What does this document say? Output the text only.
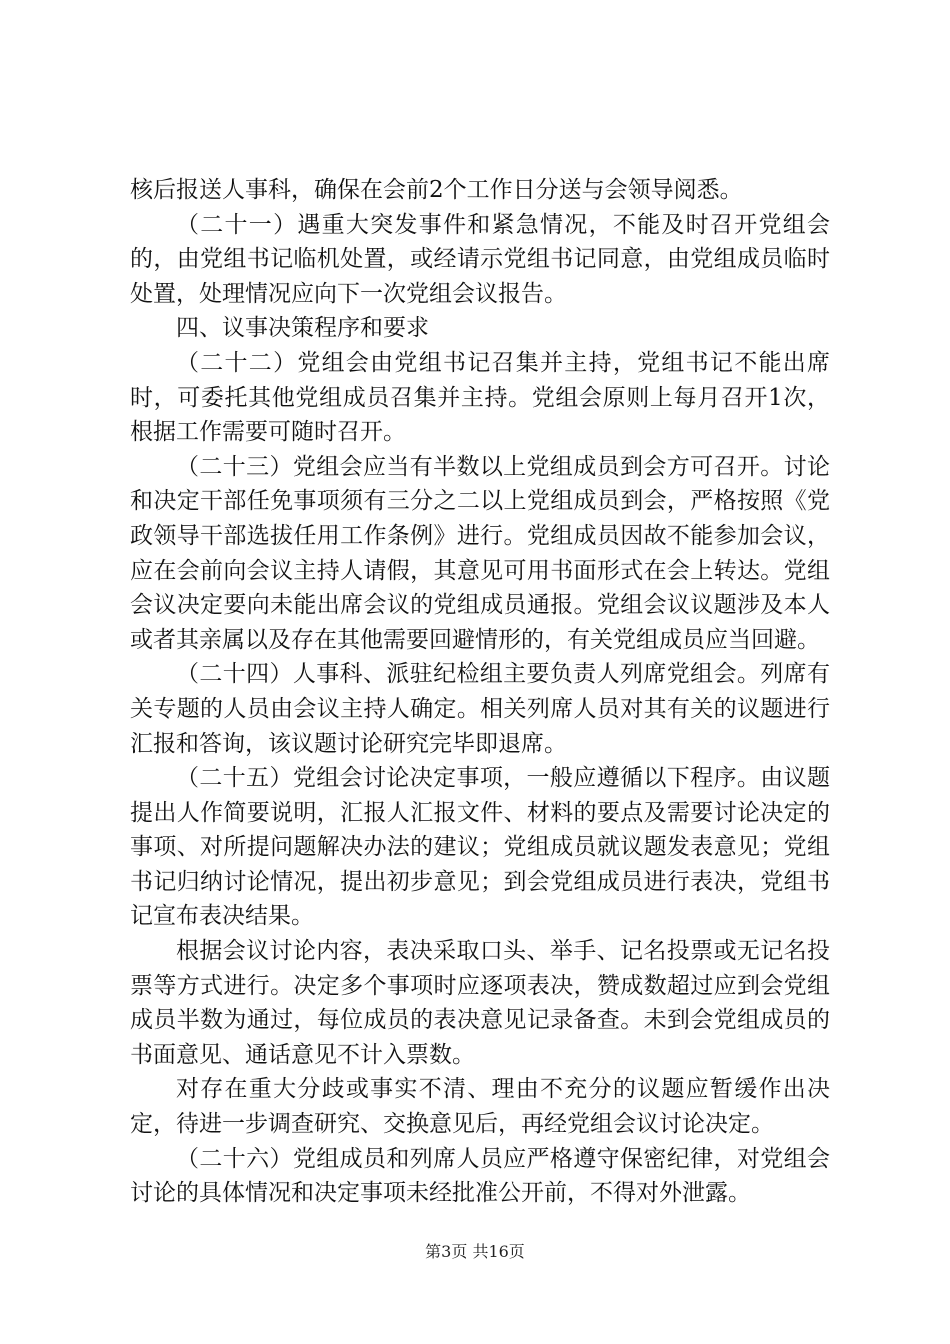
核后报送人事科，确保在会前2个工作日分送与会领导阅悉。

（二十一）遇重大突发事件和紧急情况，不能及时召开党组会的，由党组书记临机处置，或经请示党组书记同意，由党组成员临时处置，处理情况应向下一次党组会议报告。

四、议事决策程序和要求

（二十二）党组会由党组书记召集并主持，党组书记不能出席时，可委托其他党组成员召集并主持。党组会原则上每月召开1次，根据工作需要可随时召开。

（二十三）党组会应当有半数以上党组成员到会方可召开。讨论和决定干部任免事项须有三分之二以上党组成员到会，严格按照《党政领导干部选拔任用工作条例》进行。党组成员因故不能参加会议，应在会前向会议主持人请假，其意见可用书面形式在会上转达。党组会议决定要向未能出席会议的党组成员通报。党组会议议题涉及本人或者其亲属以及存在其他需要回避情形的，有关党组成员应当回避。

（二十四）人事科、派驻纪检组主要负责人列席党组会。列席有关专题的人员由会议主持人确定。相关列席人员对其有关的议题进行汇报和答询，该议题讨论研究完毕即退席。

（二十五）党组会讨论决定事项，一般应遵循以下程序。由议题提出人作简要说明，汇报人汇报文件、材料的要点及需要讨论决定的事项、对所提问题解决办法的建议；党组成员就议题发表意见；党组书记归纳讨论情况，提出初步意见；到会党组成员进行表决，党组书记宣布表决结果。

根据会议讨论内容，表决采取口头、举手、记名投票或无记名投票等方式进行。决定多个事项时应逐项表决，赞成数超过应到会党组成员半数为通过，每位成员的表决意见记录备查。未到会党组成员的书面意见、通话意见不计入票数。

对存在重大分歧或事实不清、理由不充分的议题应暂缓作出决定，待进一步调查研究、交换意见后，再经党组会议讨论决定。

（二十六）党组成员和列席人员应严格遵守保密纪律，对党组会讨论的具体情况和决定事项未经批准公开前，不得对外泄露。

第3页 共16页
